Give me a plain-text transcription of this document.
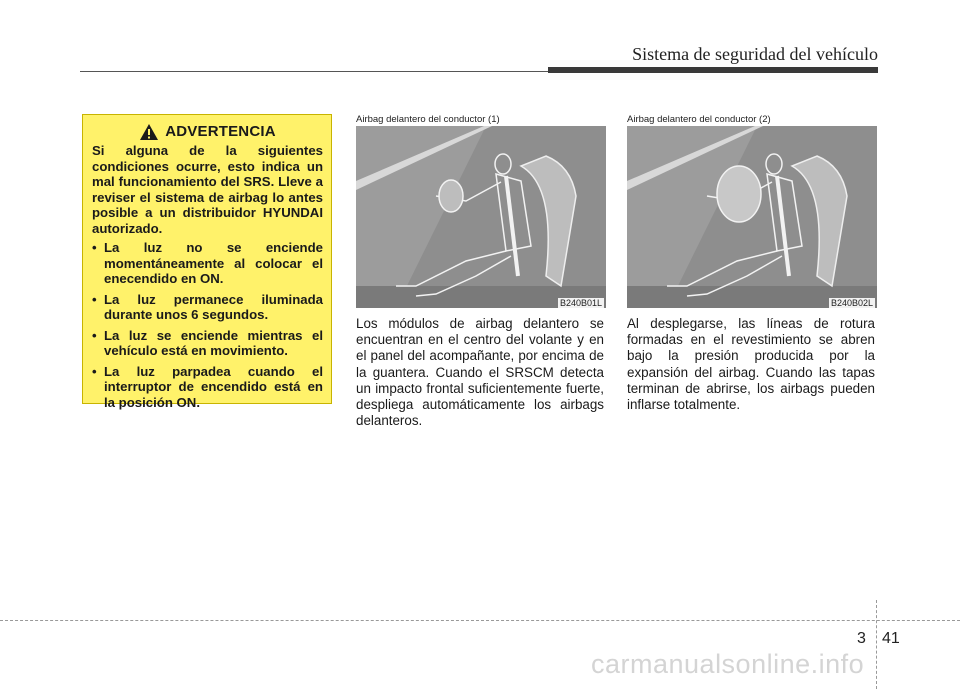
Sistema de seguridad del vehículo
ADVERTENCIA
Si alguna de la siguientes condiciones ocurre, esto indica un mal funcionamiento del SRS. Lleve a reviser el sistema de airbag lo antes posible a un distribuidor HYUNDAI autorizado.
• La luz no se enciende momentáneamente al colocar el enecendido en ON.
• La luz permanece iluminada durante unos 6 segundos.
• La luz se enciende mientras el vehículo está en movimiento.
• La luz parpadea cuando el interruptor de encendido está en la posición ON.
Airbag delantero del conductor (1)
B240B01L
Airbag delantero del conductor (2)
B240B02L
Los módulos de airbag delantero se encuentran en el centro del volante y en el panel del acompañante, por encima de la guantera. Cuando el SRSCM detecta un impacto frontal suficientemente fuerte, despliega automáticamente los airbags delanteros.
Al desplegarse, las líneas de rotura formadas en el revestimiento se abren bajo la presión producida por la expansión del airbag. Cuando las tapas terminan de abrirse, los airbags pueden inflarse totalmente.
3 41
carmanualsonline.info
